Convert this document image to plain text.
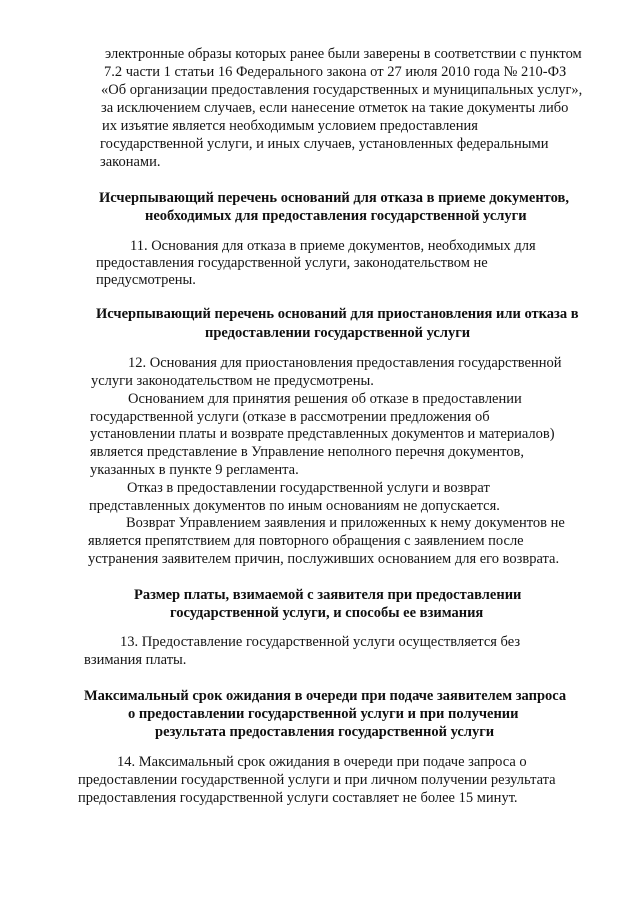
электронные образы которых ранее были заверены в соответствии с пунктом
7.2 части 1 статьи 16 Федерального закона от 27 июля 2010 года № 210-ФЗ
«Об организации предоставления государственных и муниципальных услуг»,
за исключением случаев, если нанесение отметок на такие документы либо
их изъятие является необходимым условием предоставления
государственной услуги, и иных случаев, установленных федеральными
законами.
Исчерпывающий перечень оснований для отказа в приеме документов,
необходимых для предоставления государственной услуги
11. Основания для отказа в приеме документов, необходимых для
предоставления государственной услуги, законодательством не
предусмотрены.
Исчерпывающий перечень оснований для приостановления или отказа в
предоставлении государственной услуги
12. Основания для приостановления предоставления государственной
услуги законодательством не предусмотрены.
Основанием для принятия решения об отказе в предоставлении
государственной услуги (отказе в рассмотрении предложения об
установлении платы и возврате представленных документов и материалов)
является представление в Управление неполного перечня документов,
указанных в пункте 9 регламента.
Отказ в предоставлении государственной услуги и возврат
представленных документов по иным основаниям не допускается.
Возврат Управлением заявления и приложенных к нему документов не
является препятствием для повторного обращения с заявлением после
устранения заявителем причин, послуживших основанием для его возврата.
Размер платы, взимаемой с заявителя при предоставлении
государственной услуги, и способы ее взимания
13. Предоставление государственной услуги осуществляется без
взимания платы.
Максимальный срок ожидания в очереди при подаче заявителем запроса
о предоставлении государственной услуги и при получении
результата предоставления государственной услуги
14. Максимальный срок ожидания в очереди при подаче запроса о
предоставлении государственной услуги и при личном получении результата
предоставления государственной услуги составляет не более 15 минут.
